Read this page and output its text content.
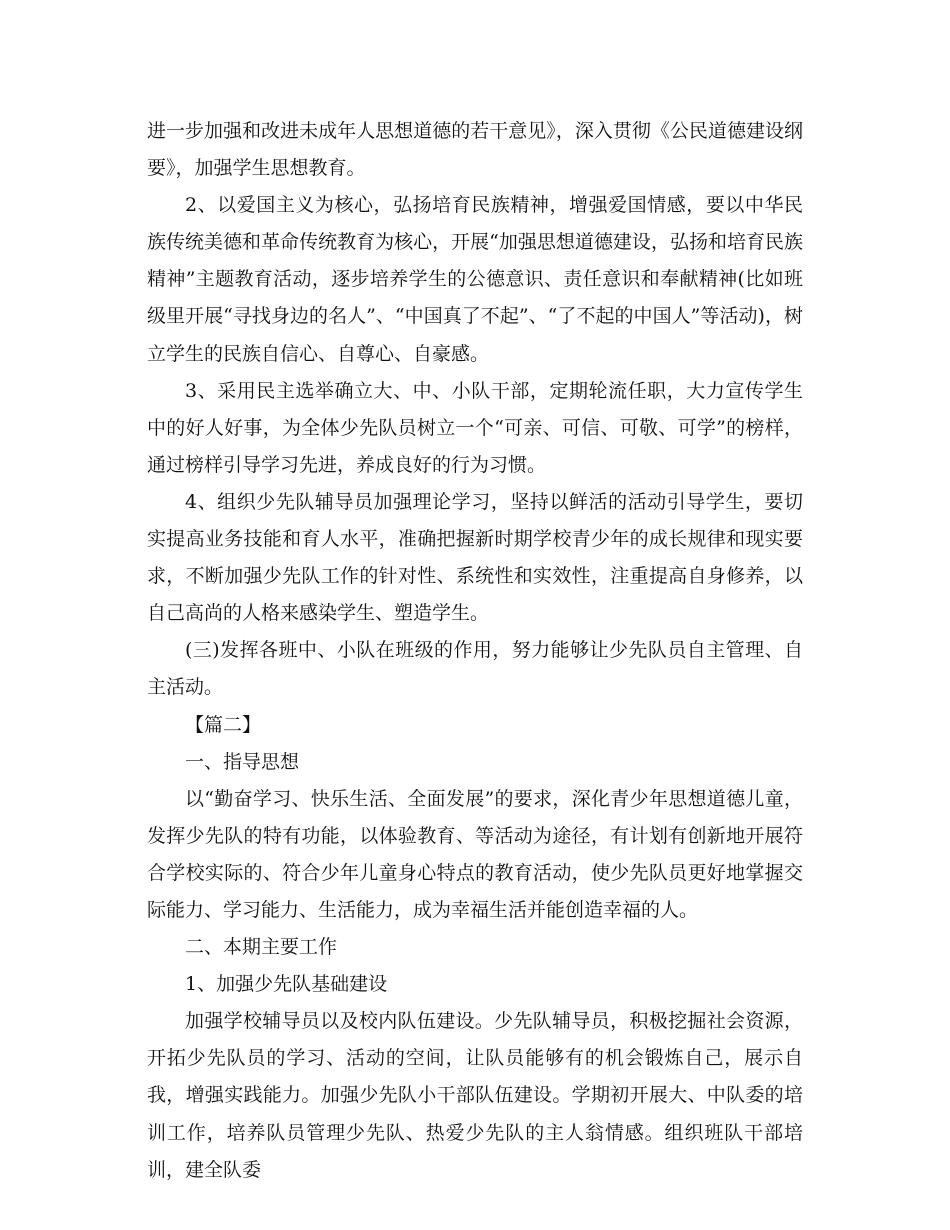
进一步加强和改进未成年人思想道德的若干意见》，深入贯彻《公民道德建设纲要》，加强学生思想教育。

2、以爱国主义为核心，弘扬培育民族精神，增强爱国情感，要以中华民族传统美德和革命传统教育为核心，开展“加强思想道德建设，弘扬和培育民族精神”主题教育活动，逐步培养学生的公德意识、责任意识和奉献精神(比如班级里开展“寻找身边的名人”、“中国真了不起”、“了不起的中国人”等活动)，树立学生的民族自信心、自尊心、自豪感。

3、采用民主选举确立大、中、小队干部，定期轮流任职，大力宣传学生中的好人好事，为全体少先队员树立一个“可亲、可信、可敬、可学”的榜样，通过榜样引导学习先进，养成良好的行为习惯。

4、组织少先队辅导员加强理论学习，坚持以鲜活的活动引导学生，要切实提高业务技能和育人水平，准确把握新时期学校青少年的成长规律和现实要求，不断加强少先队工作的针对性、系统性和实效性，注重提高自身修养，以自己高尚的人格来感染学生、塑造学生。

(三)发挥各班中、小队在班级的作用，努力能够让少先队员自主管理、自主活动。

【篇二】

一、指导思想

以“勤奋学习、快乐生活、全面发展”的要求，深化青少年思想道德儿童，发挥少先队的特有功能，以体验教育、等活动为途径，有计划有创新地开展符合学校实际的、符合少年儿童身心特点的教育活动，使少先队员更好地掌握交际能力、学习能力、生活能力，成为幸福生活并能创造幸福的人。

二、本期主要工作

1、加强少先队基础建设

加强学校辅导员以及校内队伍建设。少先队辅导员，积极挖掘社会资源，开拓少先队员的学习、活动的空间，让队员能够有的机会锻炼自己，展示自我，增强实践能力。加强少先队小干部队伍建设。学期初开展大、中队委的培训工作，培养队员管理少先队、热爱少先队的主人翁情感。组织班队干部培训，建全队委
